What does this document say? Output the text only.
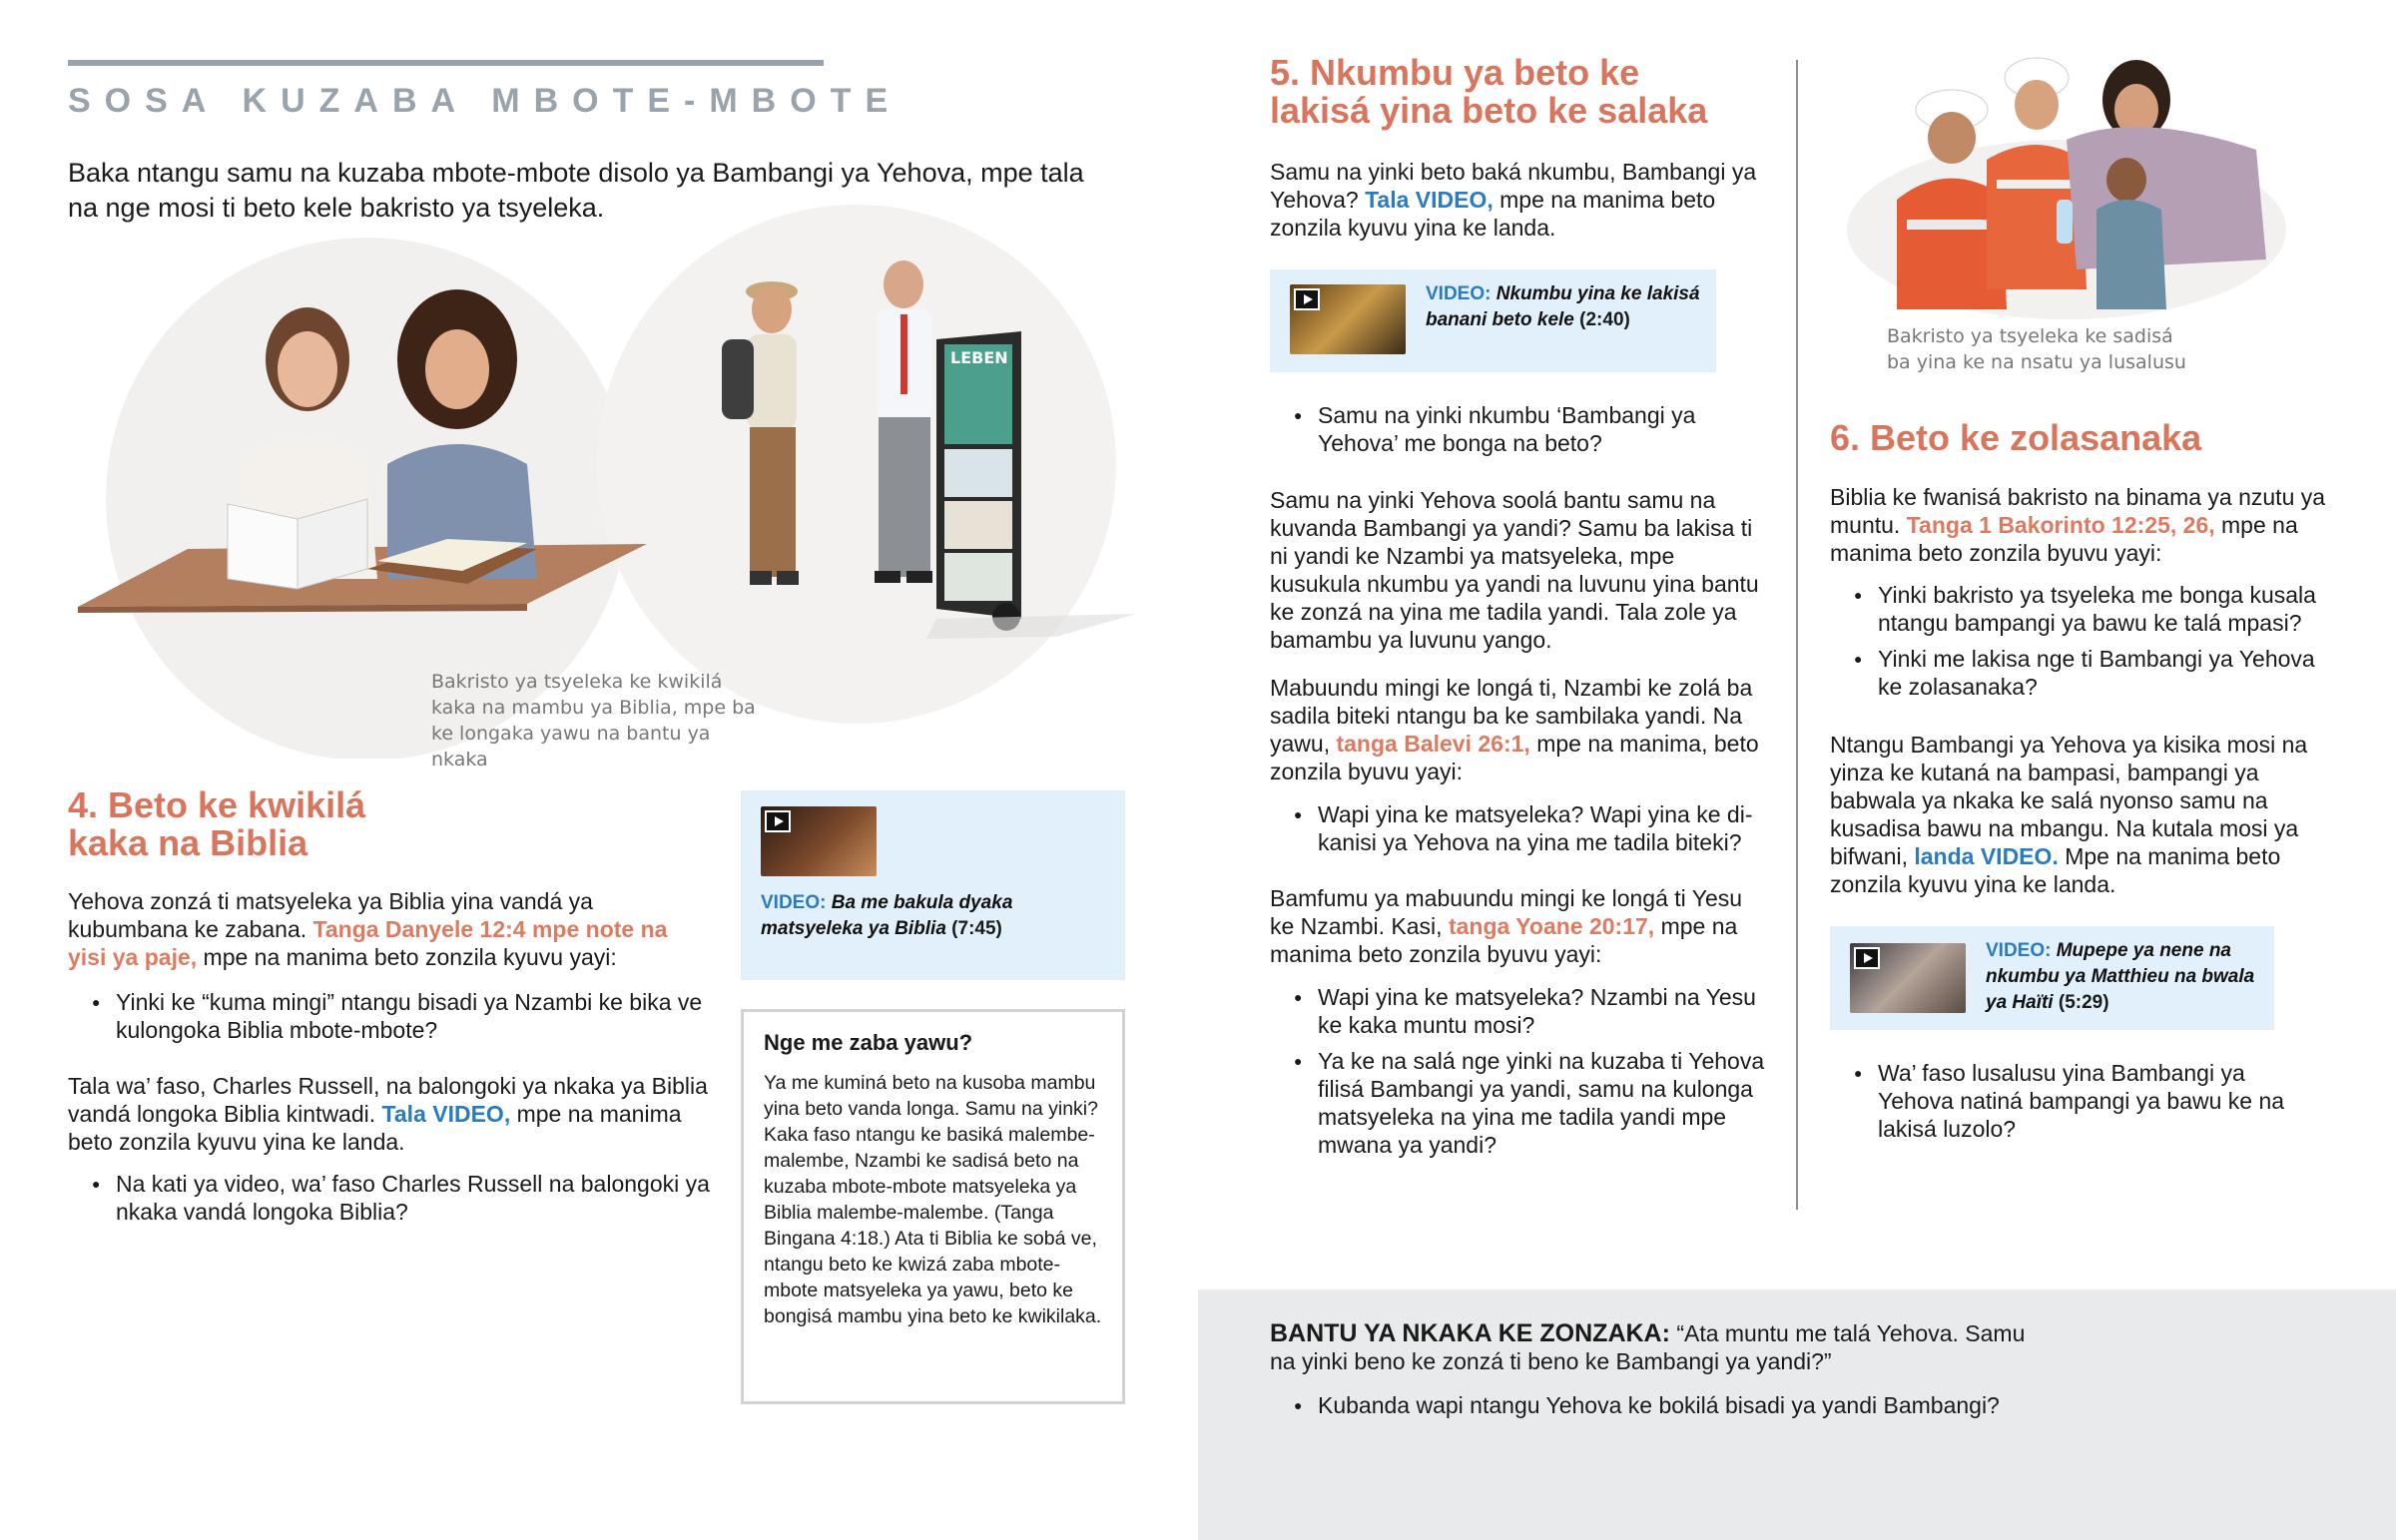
SOSA KUZABA MBOTE-MBOTE

Baka ntangu samu na kuzaba mbote-mbote disolo ya Bambangi ya Yehova, mpe tala na nge mosi ti beto kele bakristo ya tsyeleka.

LEBEN
Bakristo ya tsyeleka ke kwikilá kaka na mambu ya Biblia, mpe ba ke longaka yawu na bantu ya nkaka
4. Beto ke kwikilá kaka na Biblia

Yehova zonzá ti matsyeleka ya Biblia yina vandá ya kubumbana ke zabana. Tanga Danyele 12:4 mpe note na yisi ya paje, mpe na manima beto zonzila kyuvu yayi:

● Yinki ke “kuma mingi” ntangu bisadi ya Nzambi ke bika ve kulongoka Biblia mbote-mbote?

Tala wa’ faso, Charles Russell, na balongoki ya nkaka ya Biblia vandá longoka Biblia kintwadi. Tala VIDEO, mpe na manima beto zonzila kyuvu yina ke landa.

● Na kati ya video, wa’ faso Charles Russell na balongoki ya nkaka vandá longoka Biblia?
VIDEO: Ba me bakula dyaka matsyeleka ya Biblia (7:45)
Nge me zaba yawu?
Ya me kuminá beto na kusoba mambu yina beto vanda longa. Samu na yinki? Kaka faso ntangu ke basiká malembe-malembe, Nzambi ke sadisá beto na kuzaba mbote-mbote matsyeleka ya Biblia malembe-malembe. (Tanga Bingana 4:18.) Ata ti Biblia ke sobá ve, ntangu beto ke kwizá zaba mbote-mbote matsyeleka ya yawu, beto ke bongisá mambu yina beto ke kwikilaka.
5. Nkumbu ya beto ke lakisá yina beto ke salaka

Samu na yinki beto baká nkumbu, Bambangi ya Yehova? Tala VIDEO, mpe na manima beto zonzila kyuvu yina ke landa.

VIDEO: Nkumbu yina ke lakisá banani beto kele (2:40)
● Samu na yinki nkumbu ‘Bambangi ya Yehova’ me bonga na beto?

Samu na yinki Yehova soolá bantu samu na kuvanda Bambangi ya yandi? Samu ba lakisa ti ni yandi ke Nzambi ya matsyeleka, mpe kusukula nkumbu ya yandi na luvunu yina bantu ke zonzá na yina me tadila yandi. Tala zole ya bamambu ya luvunu yango.

Mabuundu mingi ke longá ti, Nzambi ke zolá ba sadila biteki ntangu ba ke sambilaka yandi. Na yawu, tanga Balevi 26:1, mpe na manima, beto zonzila byuvu yayi:

● Wapi yina ke matsyeleka? Wapi yina ke dikanisi ya Yehova na yina me tadila biteki?

Bamfumu ya mabuundu mingi ke longá ti Yesu ke Nzambi. Kasi, tanga Yoane 20:17, mpe na manima beto zonzila byuvu yayi:

● Wapi yina ke matsyeleka? Nzambi na Yesu ke kaka muntu mosi?
● Ya ke na salá nge yinki na kuzaba ti Yehova filisá Bambangi ya yandi, samu na kulonga matsyeleka na yina me tadila yandi mpe mwana ya yandi?
Bakristo ya tsyeleka ke sadisá ba yina ke na nsatu ya lusalusu
6. Beto ke zolasanaka

Biblia ke fwanisá bakristo na binama ya nzutu ya muntu. Tanga 1 Bakorinto 12:25, 26, mpe na manima beto zonzila byuvu yayi:

● Yinki bakristo ya tsyeleka me bonga kusala ntangu bampangi ya bawu ke talá mpasi?
● Yinki me lakisa nge ti Bambangi ya Yehova ke zolasanaka?

Ntangu Bambangi ya Yehova ya kisika mosi na yinza ke kutaná na bampasi, bampangi ya babwala ya nkaka ke salá nyonso samu na kusadisa bawu na mbangu. Na kutala mosi ya bifwani, landa VIDEO. Mpe na manima beto zonzila kyuvu yina ke landa.

VIDEO: Mupepe ya nene na nkumbu ya Matthieu na bwala ya Haïti (5:29)
● Wa’ faso lusalusu yina Bambangi ya Yehova natiná bampangi ya bawu ke na lakisá luzolo?

BANTU YA NKAKA KE ZONZAKA: “Ata muntu me talá Yehova. Samu na yinki beno ke zonzá ti beno ke Bambangi ya yandi?”

● Kubanda wapi ntangu Yehova ke bokilá bisadi ya yandi Bambangi?
